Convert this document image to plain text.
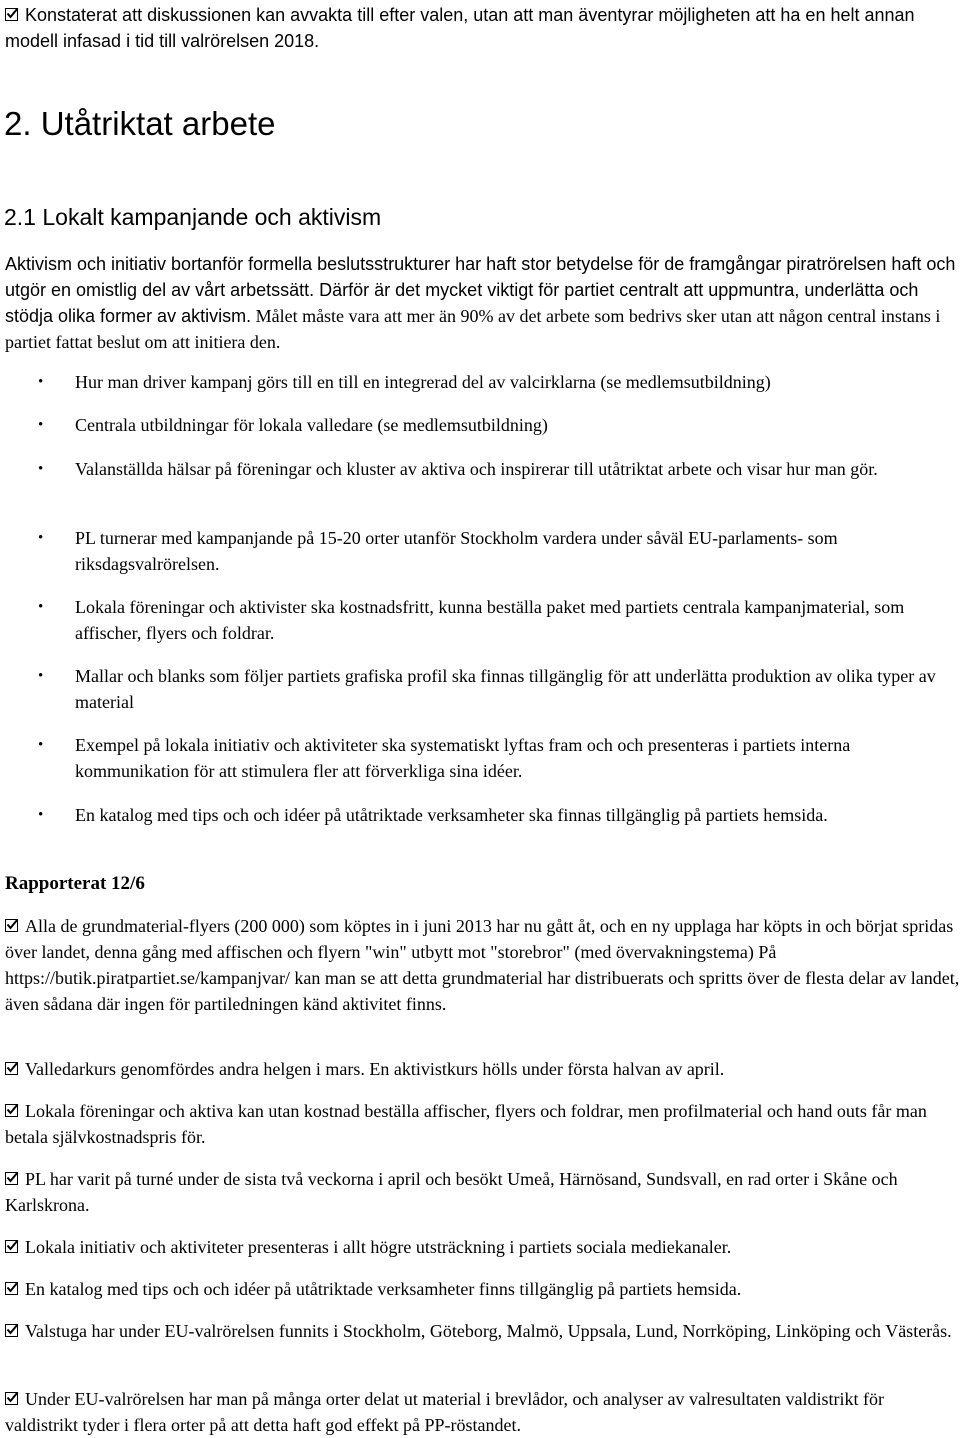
Konstaterat att diskussionen kan avvakta till efter valen, utan att man äventyrar möjligheten att ha en helt annan modell infasad i tid till valrörelsen 2018.

2. Utåtriktat arbete
2.1 Lokalt kampanjande och aktivism

Aktivism och initiativ bortanför formella beslutsstrukturer har haft stor betydelse för de framgångar piratrörelsen haft och utgör en omistlig del av vårt arbetssätt. Därför är det mycket viktigt för partiet centralt att uppmuntra, underlätta och stödja olika former av aktivism. Målet måste vara att mer än 90% av det arbete som bedrivs sker utan att någon central instans i partiet fattat beslut om att initiera den.

• Hur man driver kampanj görs till en till en integrerad del av valcirklarna (se medlemsutbildning)

• Centrala utbildningar för lokala valledare (se medlemsutbildning)

• Valanställda hälsar på föreningar och kluster av aktiva och inspirerar till utåtriktat arbete och visar hur man gör.

• PL turnerar med kampanjande på 15-20 orter utanför Stockholm vardera under såväl EU-parlaments- som riksdagsvalrörelsen.

• Lokala föreningar och aktivister ska kostnadsfritt, kunna beställa paket med partiets centrala kampanjmaterial, som affischer, flyers och foldrar.

• Mallar och blanks som följer partiets grafiska profil ska finnas tillgänglig för att underlätta produktion av olika typer av material

• Exempel på lokala initiativ och aktiviteter ska systematiskt lyftas fram och och presenteras i partiets interna kommunikation för att stimulera fler att förverkliga sina idéer.

• En katalog med tips och och idéer på utåtriktade verksamheter ska finnas tillgänglig på partiets hemsida.

Rapporterat 12/6

Alla de grundmaterial-flyers (200 000) som köptes in i juni 2013 har nu gått åt, och en ny upplaga har köpts in och börjat spridas över landet, denna gång med affischen och flyern "win" utbytt mot "storebror" (med övervakningstema) På https://butik.piratpartiet.se/kampanjvar/ kan man se att detta grundmaterial har distribuerats och spritts över de flesta delar av landet, även sådana där ingen för partiledningen känd aktivitet finns.

Valledarkurs genomfördes andra helgen i mars. En aktivistkurs hölls under första halvan av april.

Lokala föreningar och aktiva kan utan kostnad beställa affischer, flyers och foldrar, men profilmaterial och hand outs får man betala självkostnadspris för.

PL har varit på turné under de sista två veckorna i april och besökt Umeå, Härnösand, Sundsvall, en rad orter i Skåne och Karlskrona.

Lokala initiativ och aktiviteter presenteras i allt högre utsträckning i partiets sociala mediekanaler.

En katalog med tips och och idéer på utåtriktade verksamheter finns tillgänglig på partiets hemsida.

Valstuga har under EU-valrörelsen funnits i Stockholm, Göteborg, Malmö, Uppsala, Lund, Norrköping, Linköping och Västerås.

Under EU-valrörelsen har man på många orter delat ut material i brevlådor, och analyser av valresultaten valdistrikt för valdistrikt tyder i flera orter på att detta haft god effekt på PP-röstandet.
